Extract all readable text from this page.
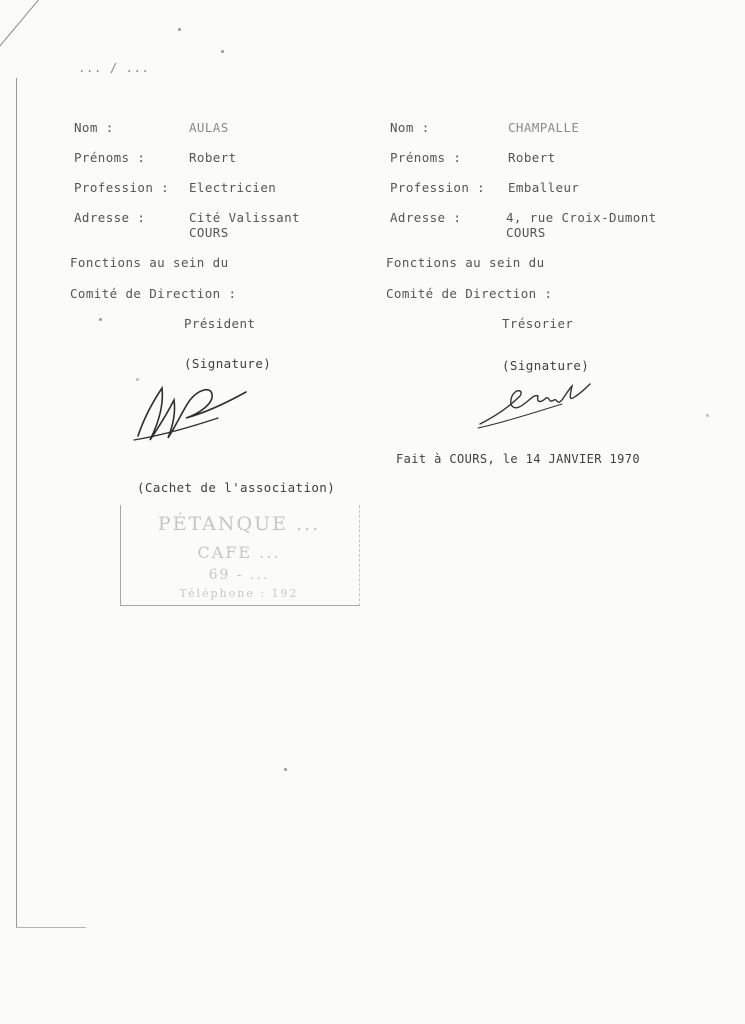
... / ...
Nom :	AULAS
Prénoms :	Robert
Profession : Electricien
Adresse :	Cité Valissant
COURS
Fonctions au sein du
Comité de Direction :
Président
(Signature)
Nom :	CHAMPALLE
Prénoms :	Robert
Profession : Emballeur
Adresse :	4, rue Croix-Dumont
COURS
Fonctions au sein du
Comité de Direction :
Trésorier
(Signature)
Fait à COURS, le 14 JANVIER 1970
(Cachet de l'association)
PÉTANQUE ...
CAFE ...
69 - ...
Téléphone : 192
